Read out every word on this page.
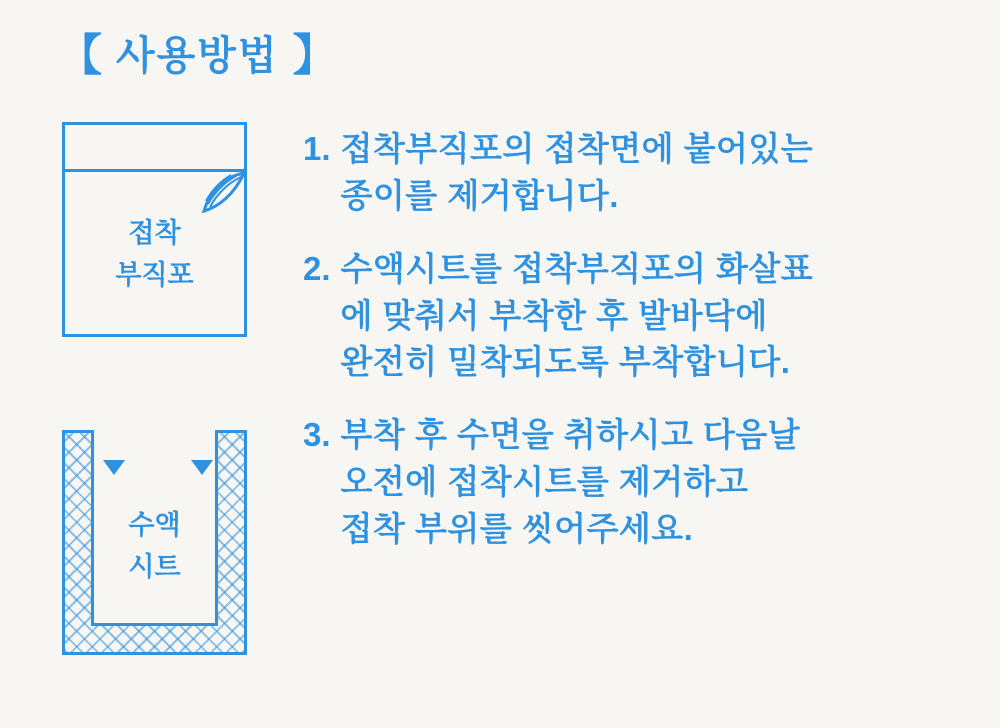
【 사용방법 】
접착
부직포
수액
시트
1. 접착부직포의 접착면에 붙어있는
종이를 제거합니다.
2. 수액시트를 접착부직포의 화살표
에 맞춰서 부착한 후 발바닥에
완전히 밀착되도록 부착합니다.
3. 부착 후 수면을 취하시고 다음날
오전에 접착시트를 제거하고
접착 부위를 씻어주세요.
